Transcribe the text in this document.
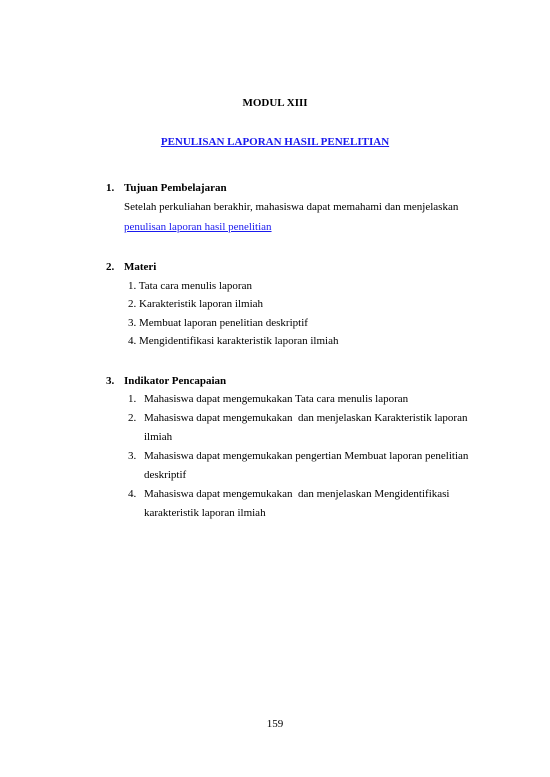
MODUL XIII
PENULISAN LAPORAN HASIL PENELITIAN
1. Tujuan Pembelajaran
Setelah perkuliahan berakhir, mahasiswa dapat memahami dan menjelaskan
penulisan laporan hasil penelitian
2. Materi
1. Tata cara menulis laporan
2. Karakteristik laporan ilmiah
3. Membuat laporan penelitian deskriptif
4. Mengidentifikasi karakteristik laporan ilmiah
3. Indikator Pencapaian
1. Mahasiswa dapat mengemukakan Tata cara menulis laporan
2. Mahasiswa dapat mengemukakan  dan menjelaskan Karakteristik laporan
ilmiah
3. Mahasiswa dapat mengemukakan pengertian Membuat laporan penelitian
deskriptif
4. Mahasiswa dapat mengemukakan  dan menjelaskan Mengidentifikasi
karakteristik laporan ilmiah
159
